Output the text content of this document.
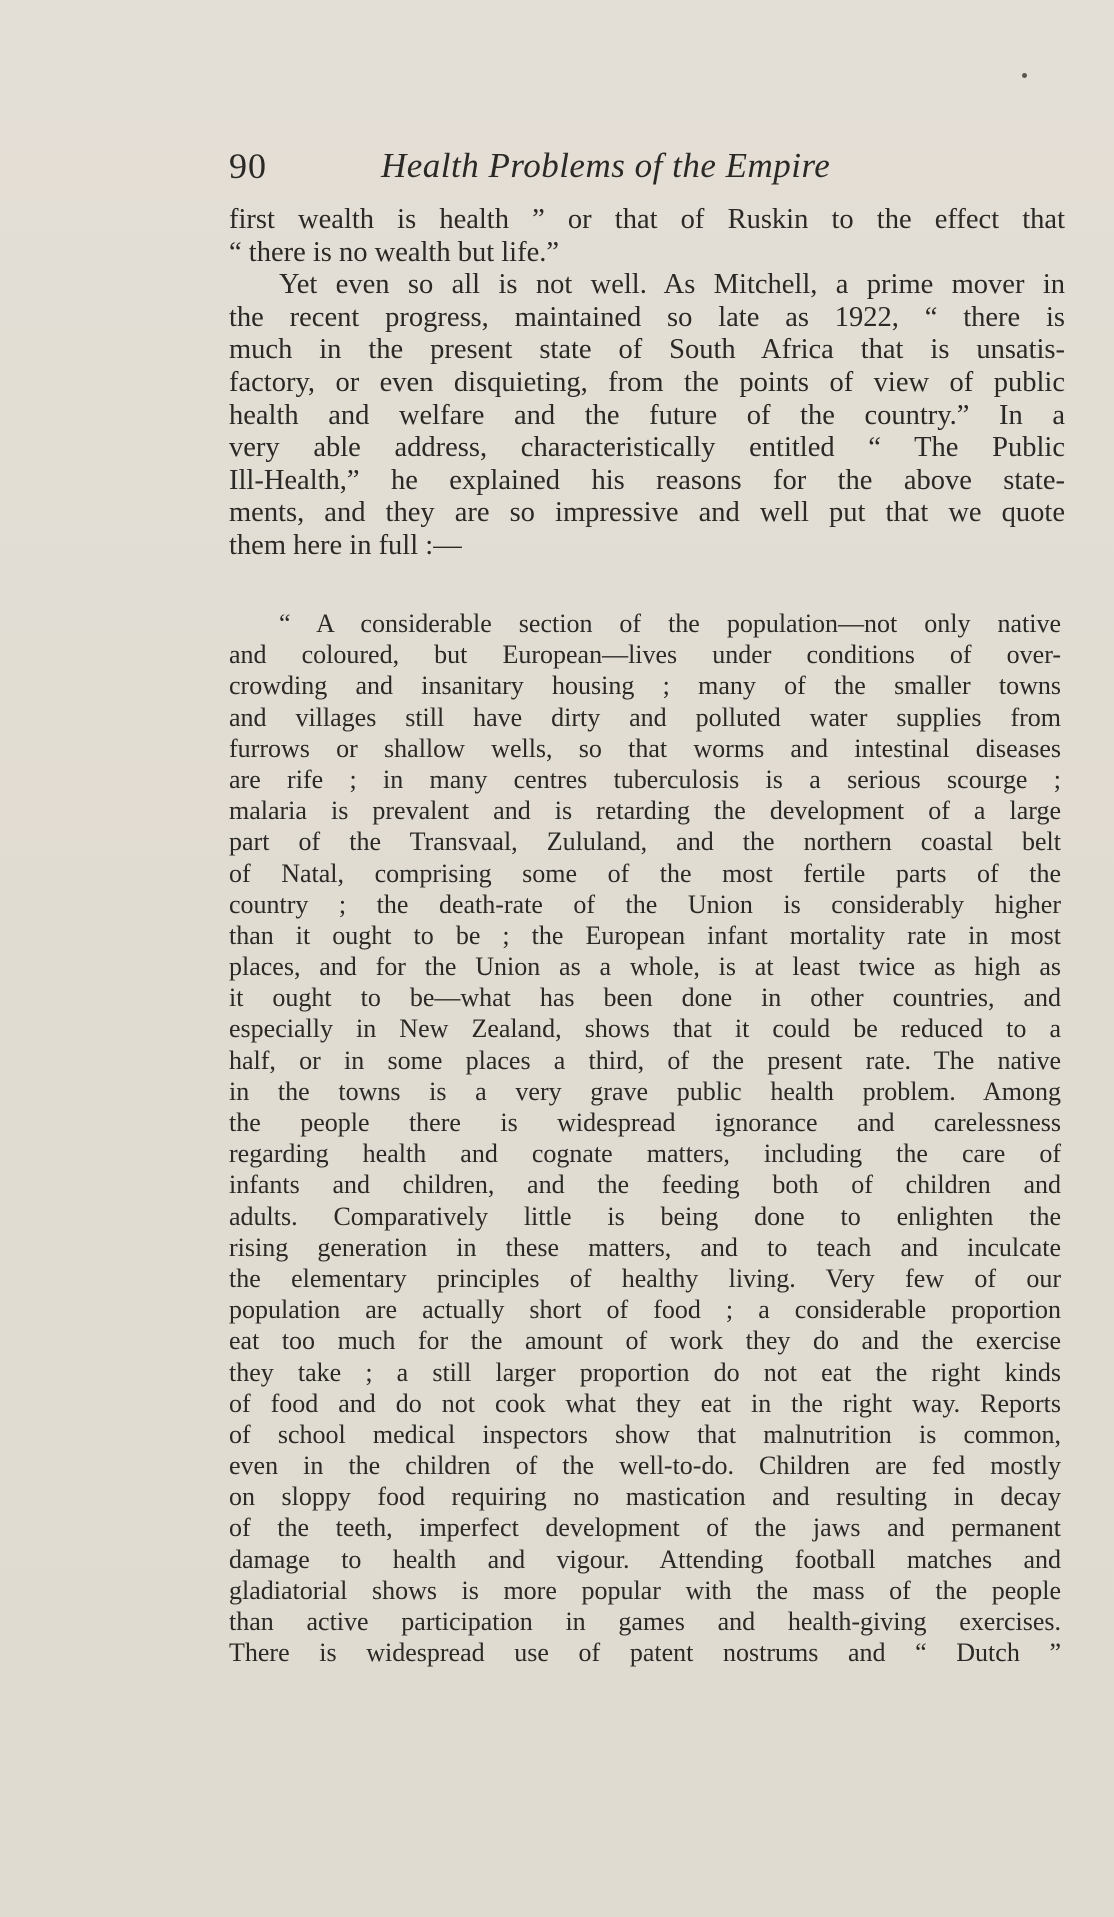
90	Health Problems of the Empire
first wealth is health ” or that of Ruskin to the effect that
“ there is no wealth but life.”
Yet even so all is not well. As Mitchell, a prime mover in
the recent progress, maintained so late as 1922, “ there is
much in the present state of South Africa that is unsatis-
factory, or even disquieting, from the points of view of public
health and welfare and the future of the country.” In a
very able address, characteristically entitled “ The Public
Ill-Health,” he explained his reasons for the above state-
ments, and they are so impressive and well put that we quote
them here in full :—
“ A considerable section of the population—not only native
and coloured, but European—lives under conditions of over-
crowding and insanitary housing ; many of the smaller towns
and villages still have dirty and polluted water supplies from
furrows or shallow wells, so that worms and intestinal diseases
are rife ; in many centres tuberculosis is a serious scourge ;
malaria is prevalent and is retarding the development of a large
part of the Transvaal, Zululand, and the northern coastal belt
of Natal, comprising some of the most fertile parts of the
country ; the death-rate of the Union is considerably higher
than it ought to be ; the European infant mortality rate in most
places, and for the Union as a whole, is at least twice as high as
it ought to be—what has been done in other countries, and
especially in New Zealand, shows that it could be reduced to a
half, or in some places a third, of the present rate. The native
in the towns is a very grave public health problem. Among
the people there is widespread ignorance and carelessness
regarding health and cognate matters, including the care of
infants and children, and the feeding both of children and
adults. Comparatively little is being done to enlighten the
rising generation in these matters, and to teach and inculcate
the elementary principles of healthy living. Very few of our
population are actually short of food ; a considerable proportion
eat too much for the amount of work they do and the exercise
they take ; a still larger proportion do not eat the right kinds
of food and do not cook what they eat in the right way. Reports
of school medical inspectors show that malnutrition is common,
even in the children of the well-to-do. Children are fed mostly
on sloppy food requiring no mastication and resulting in decay
of the teeth, imperfect development of the jaws and permanent
damage to health and vigour. Attending football matches and
gladiatorial shows is more popular with the mass of the people
than active participation in games and health-giving exercises.
There is widespread use of patent nostrums and “ Dutch ”
